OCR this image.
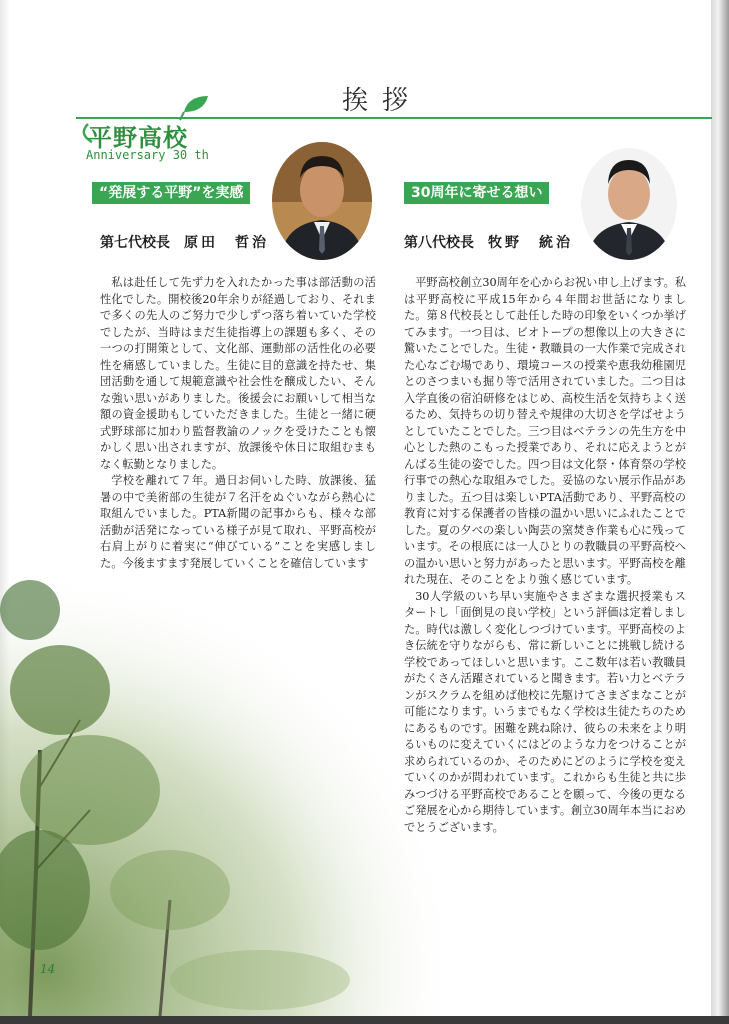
挨拶
平野高校
Anniversary 30 th
“発展する平野”を実感
第七代校長 原田　哲治
30周年に寄せる想い
第八代校長 牧野　統治

私は赴任して先ず力を入れたかった事は部活動の活性化でした。開校後20年余りが経過しており、それまで多くの先人のご努力で少しずつ落ち着いていた学校でしたが、当時はまだ生徒指導上の課題も多く、その一つの打開策として、文化部、運動部の活性化の必要性を痛感していました。生徒に目的意識を持たせ、集団活動を通して規範意識や社会性を醸成したい、そんな強い思いがありました。後援会にお願いして相当な額の資金援助もしていただきました。生徒と一緒に硬式野球部に加わり監督教諭のノックを受けたことも懐かしく思い出されますが、放課後や休日に取組むまもなく転勤となりました。

学校を離れて７年。過日お伺いした時、放課後、猛暑の中で美術部の生徒が７名汗をぬぐいながら熱心に取組んでいました。PTA新聞の記事からも、様々な部活動が活発になっている様子が見て取れ、平野高校が右肩上がりに着実に“伸びている”ことを実感しました。今後ますます発展していくことを確信しています

平野高校創立30周年を心からお祝い申し上げます。私は平野高校に平成15年から４年間お世話になりました。第８代校長として赴任した時の印象をいくつか挙げてみます。一つ目は、ビオトープの想像以上の大きさに驚いたことでした。生徒・教職員の一大作業で完成された心なごむ場であり、環境コースの授業や恵我幼稚園児とのさつまいも掘り等で活用されていました。二つ目は入学直後の宿泊研修をはじめ、高校生活を気持ちよく送るため、気持ちの切り替えや規律の大切さを学ばせようとしていたことでした。三つ目はベテランの先生方を中心とした熱のこもった授業であり、それに応えようとがんばる生徒の姿でした。四つ目は文化祭・体育祭の学校行事での熱心な取組みでした。妥協のない展示作品がありました。五つ目は楽しいPTA活動であり、平野高校の教育に対する保護者の皆様の温かい思いにふれたことでした。夏の夕べの楽しい陶芸の窯焚き作業も心に残っています。その根底には一人ひとりの教職員の平野高校への温かい思いと努力があったと思います。平野高校を離れた現在、そのことをより強く感じています。

30人学級のいち早い実施やさまざまな選択授業もスタートし「面倒見の良い学校」という評価は定着しました。時代は激しく変化しつづけています。平野高校のよき伝統を守りながらも、常に新しいことに挑戦し続ける学校であってほしいと思います。ここ数年は若い教職員がたくさん活躍されていると聞きます。若い力とベテランがスクラムを組めば他校に先駆けてさまざまなことが可能になります。いうまでもなく学校は生徒たちのためにあるものです。困難を跳ね除け、彼らの未来をより明るいものに変えていくにはどのような力をつけることが求められているのか、そのためにどのように学校を変えていくのかが問われています。これからも生徒と共に歩みつづける平野高校であることを願って、今後の更なるご発展を心から期待しています。創立30周年本当におめでとうございます。

14
